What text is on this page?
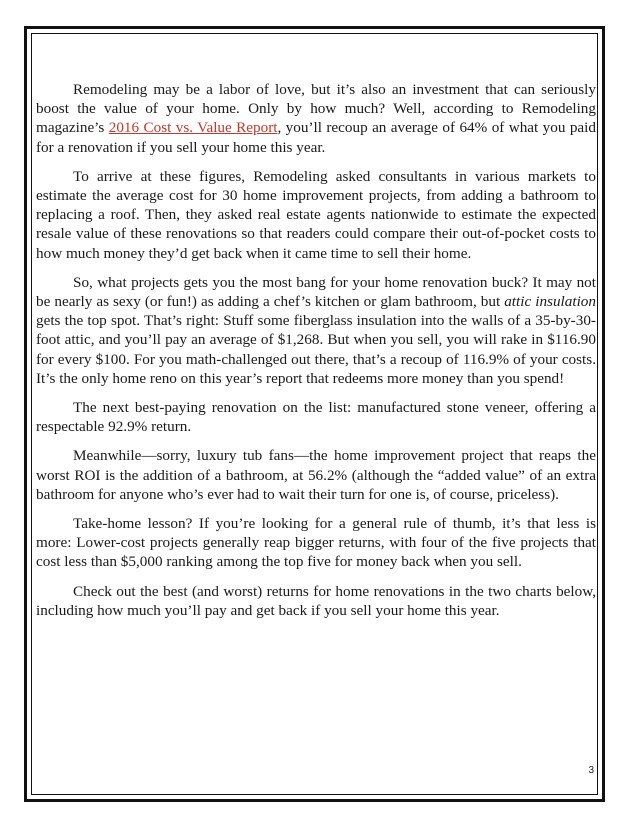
Remodeling may be a labor of love, but it’s also an investment that can seriously boost the value of your home. Only by how much? Well, according to Remodeling magazine’s 2016 Cost vs. Value Report, you’ll recoup an average of 64% of what you paid for a renovation if you sell your home this year.

To arrive at these figures, Remodeling asked consultants in various markets to estimate the average cost for 30 home improvement projects, from adding a bathroom to replacing a roof. Then, they asked real estate agents nationwide to estimate the expected resale value of these renovations so that readers could compare their out-of-pocket costs to how much money they’d get back when it came time to sell their home.

So, what projects gets you the most bang for your home renovation buck? It may not be nearly as sexy (or fun!) as adding a chef’s kitchen or glam bathroom, but attic insulation gets the top spot. That’s right: Stuff some fiberglass insulation into the walls of a 35-by-30-foot attic, and you’ll pay an average of $1,268. But when you sell, you will rake in $116.90 for every $100. For you math-challenged out there, that’s a recoup of 116.9% of your costs. It’s the only home reno on this year’s report that redeems more money than you spend!

The next best-paying renovation on the list: manufactured stone veneer, offering a respectable 92.9% return.

Meanwhile—sorry, luxury tub fans—the home improvement project that reaps the worst ROI is the addition of a bathroom, at 56.2% (although the “added value” of an extra bathroom for anyone who’s ever had to wait their turn for one is, of course, priceless).

Take-home lesson? If you’re looking for a general rule of thumb, it’s that less is more: Lower-cost projects generally reap bigger returns, with four of the five projects that cost less than $5,000 ranking among the top five for money back when you sell.

Check out the best (and worst) returns for home renovations in the two charts below, including how much you’ll pay and get back if you sell your home this year.

3
